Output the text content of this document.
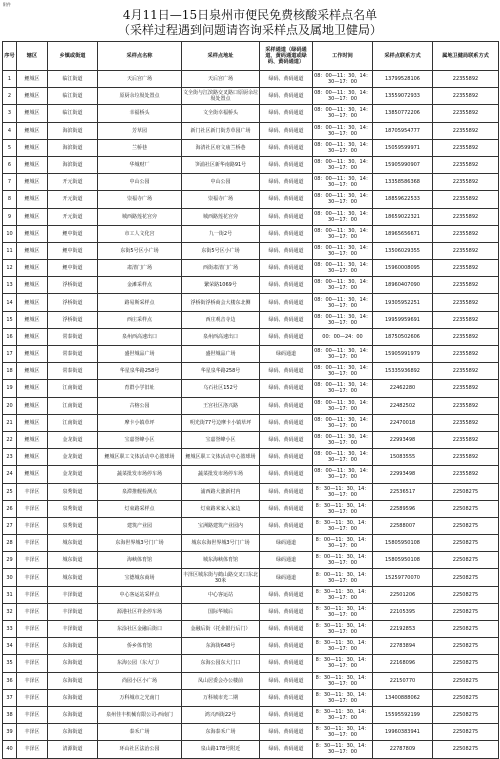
附件
4月11日—15日泉州市便民免费核酸采样点名单
（采样过程遇到问题请咨询采样点及属地卫健局）
序号	辖区	乡镇或街道	采样点名称	采样点地址	采样通道（绿码通道、黄码通道或绿码、黄码通道）	工作时间	采样点联系方式	属地卫健局联系方式
1	鲤城区	临江街道	天后宫广场	天后宫广场	绿码、黄码通道	08：00—11：30、14：30—17：00	13799528106	22355892
2	鲤城区	临江街道	原厨余垃圾处置点	文全街与江滨路交叉路口原厨余垃圾处置点	绿码、黄码通道	08：00—11：30、14：30—17：00	13559072933	22355892
3	鲤城区	临江街道	幸福桥头	文全街幸福桥头	绿码、黄码通道	08：00—11：30、14：30—17：00	13850772206	22355892
4	鲤城区	海滨街道	芳草园	新门社区新门街芳草园广场	绿码、黄码通道	08：00—11：30、14：30—17：00	18705954777	22355892
5	鲤城区	海滨街道	兰桥巷	海清社区府文庙兰桥巷	绿码、黄码通道	08：00—11：30、14：30—17：00	15059599971	22355892
6	鲤城区	海滨街道	华城财厂	笋浦社区新华南路91号	绿码、黄码通道	08：00—11：30、14：30—17：00	15905990907	22355892
7	鲤城区	开元街道	中山公园	中山公园	绿码、黄码通道	08：00—11：30、14：30—17：00	13358586368	22355892
8	鲤城区	开元街道	崇福寺广场	崇福寺广场	绿码、黄码通道	08：00—11：30、14：30—17：00	18859622533	22355892
9	鲤城区	开元街道	城西路莲花宫旁	城西路莲花宫旁	绿码、黄码通道	08：00—11：30、14：30—17：00	18659022321	22355892
10	鲤城区	鲤中街道	市工人文化宫	九一街2号	绿码、黄码通道	08：00—11：30、14：30—17：00	18965656671	22355892
11	鲤城区	鲤中街道	东街5号区小广场	东街5号区小广场	绿码、黄码通道	08：00—11：30、14：30—17：00	13506029355	22355892
12	鲤城区	鲤中街道	肃清门广场	西街肃清门广场	绿码、黄码通道	08：00—11：30、14：30—17：00	15960008095	22355892
13	鲤城区	浮桥街道	金滩采样点	繁荣路1069号	绿码、黄码通道	08：00—11：30、14：30—17：00	18960407090	22355892
14	鲤城区	浮桥街道	路易斯采样点	浮桥街浮桥商会大楼东北侧	绿码、黄码通道	08：00—11：30、14：30—17：00	19305952251	22355892
15	鲤城区	浮桥街道	西庄采样点	西庄观音寺边	绿码、黄码通道	08：00—11：30、14：30—17：00	19959959691	22355892
16	鲤城区	常泰街道	泉州西高速出口	泉州西高速出口	绿码、黄码通道	00：00—24：00	18750502606	22355892
17	鲤城区	常泰街道	盛世城品广场	盛世城品广场	绿码通道	08：00—11：30、14：30—17：00	15905991979	22355892
18	鲤城区	常泰街道	华星泉华路258号	华星泉华路258号	绿码、黄码通道	08：00—11：30、14：30—17：00	15335936892	22355892
19	鲤城区	江南街道	育群小学旧址	乌石社区152号	绿码、黄码通道	08：00—11：30、14：30—17：00	22462280	22355892
20	鲤城区	江南街道	古榕公园	王宫社区洛兴路	绿码、黄码通道	08：00—11：30、14：30—17：00	22482502	22355892
21	鲤城区	江南街道	摩卡小镇草坪	明光街77号边摩卡小镇草坪	绿码、黄码通道	08：00—11：30、14：30—17：00	22470018	22355892
22	鲤城区	金龙街道	宝嘉誉峰小区	宝嘉誉峰小区	绿码、黄码通道	08：00—11：30、14：30—17：00	22993498	22355892
23	鲤城区	金龙街道	鲤城区职工文体活动中心篮球场	鲤城区职工文体活动中心篮球场	绿码、黄码通道	08：00—11：30、14：30—17：00	15083555	22355892
24	鲤城区	金龙街道	蔬菜批发市场停车场	蔬菜批发市场停车场	绿码、黄码通道	08：00—11：30、14：30—17：00	22993498	22355892
25	丰泽区	泉秀街道	泉滞推舰检测点	浦西路大涨新村内	绿码、黄码通道	8：30—11：30、14：30—17：00	22536517	22508275
26	丰泽区	泉秀街道	灯束路采样点	灯束路米家入家边	绿码、黄码通道	8：30—11：30、14：30—17：00	22589596	22508275
27	丰泽区	泉秀街道	建筑产业园	宝洲路建筑产业园内	绿码、黄码通道	8：30—11：30、14：30—17：00	22588007	22508275
28	丰泽区	城东街道	东海世界城3号门广场	城东东海世界城3号门广场	绿码通道	8：00—11：30、14：30—17：00	15805950108	22508275
29	丰泽区	城东街道	海峡体育馆	城东海峡体育馆	绿码通道	8：00—11：30、14：30—17：00	15805950108	22508275
30	丰泽区	城东街道	宝德城东商场	丰泽区城东街与鹤山路交叉口东北30米	绿码通道	8：00—11：30、14：30—17：00	15259770070	22508275
31	丰泽区	丰泽街道	中心客运站采样点	中心客运站	绿码、黄码通道	8：30—11：30、14：30—17：00	22501206	22508275
32	丰泽区	丰泽街道	源港社区祥企停车场	国际华城后	绿码、黄码通道	8：30—11：30、14：30—17：00	22105395	22508275
33	丰泽区	丰泽街道	东涂社区金融后街口	金融后街（托业银行后门）	绿码、黄码通道	8：30—11：30、14：30—17：00	22192853	22508275
34	丰泽区	东海街道	侨乡体育馆	东海街648号	绿码、黄码通道	8：30—11：30、14：30—17：00	22783894	22508275
35	丰泽区	东海街道	东海公园（东大门）	东海公园东大门口	绿码、黄码通道	8：30—11：30、14：30—17：00	22168096	22508275
36	丰泽区	东海街道	尚园小区小广场	凤山居委会办公楼前	绿码、黄码通道	8：30—11：30、14：30—17：00	22150770	22508275
37	丰泽区	东海街道	万科城市之光南门	万科城市光二期	绿码、黄码通道	8：30—11：30、14：30—17：00	13400888062	22508275
38	丰泽区	东海街道	泉州佳丰机械有限公司-西南门	鸿兴西街22号	绿码、黄码通道	8：30—11：30、14：30—17：00	15595592199	22508275
39	丰泽区	东海街道	泰禾广场	东海泰禾广场	绿码、黄码通道	8：30—11：30、14：30—17：00	19960383941	22508275
40	丰泽区	清源街道	环山社区法治公园	泉山路178号附近	绿码、黄码通道	8：30—11：30、14：30—17：00	22787809	22508275
